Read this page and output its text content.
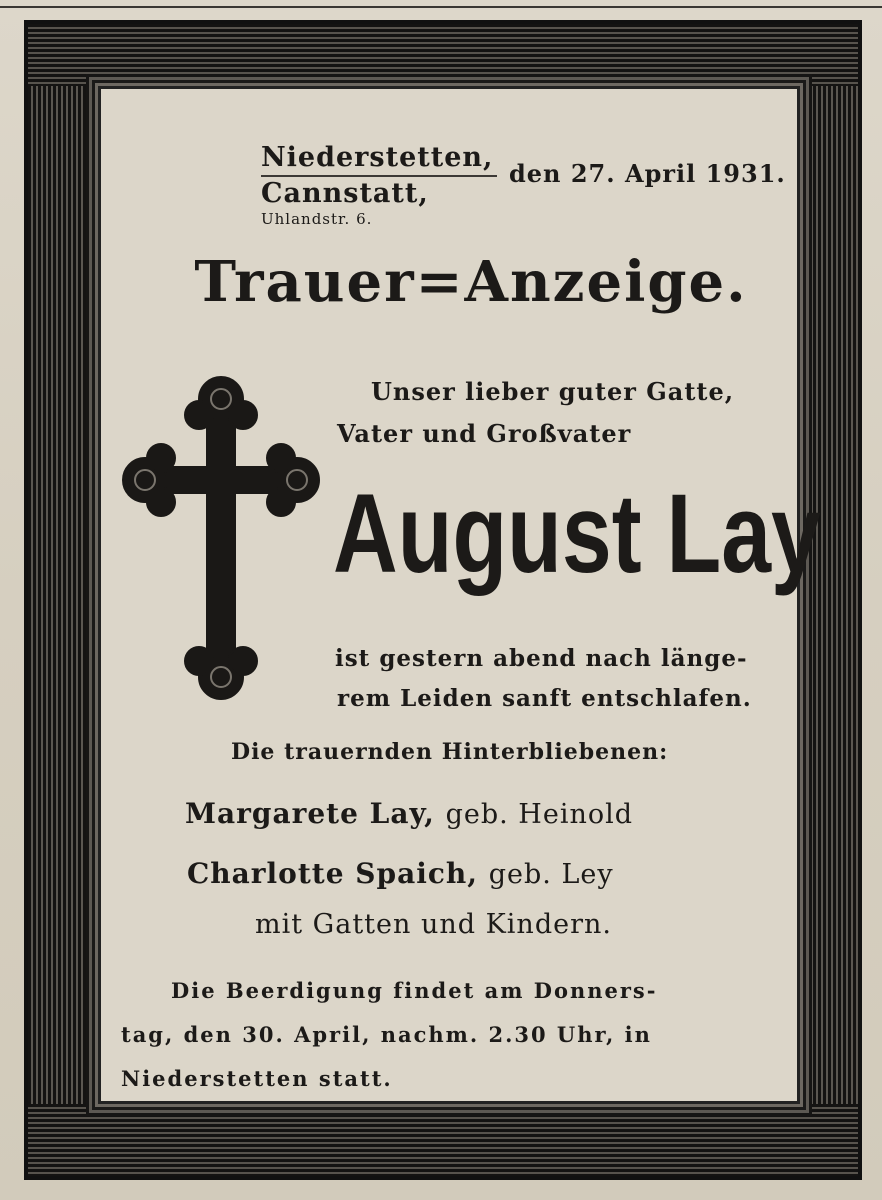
Niederstetten,
Cannstatt,
Uhlandstr. 6.
den 27. April 1931.
Trauer=Anzeige.
Unser lieber guter Gatte,
Vater und Großvater
August Lay
ist gestern abend nach länge-
rem Leiden sanft entschlafen.
Die trauernden Hinterbliebenen:
Margarete Lay, geb. Heinold
Charlotte Spaich, geb. Ley
mit Gatten und Kindern.
Die Beerdigung findet am Donners-
tag, den 30. April, nachm. 2.30 Uhr, in
Niederstetten statt.
